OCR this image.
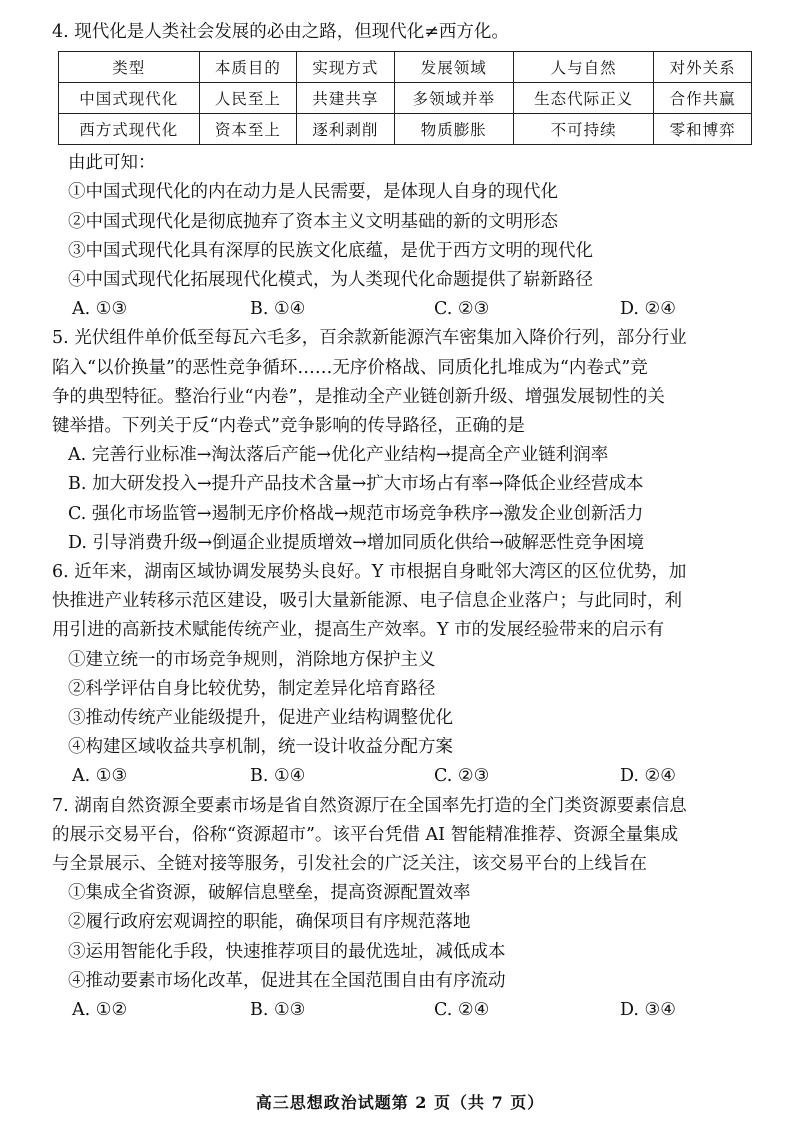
4. 现代化是人类社会发展的必由之路，但现代化≠西方化。
类型	本质目的	实现方式	发展领域	人与自然	对外关系
中国式现代化	人民至上	共建共享	多领域并举	生态代际正义	合作共赢
西方式现代化	资本至上	逐利剥削	物质膨胀	不可持续	零和博弈
由此可知：
①中国式现代化的内在动力是人民需要，是体现人自身的现代化
②中国式现代化是彻底抛弃了资本主义文明基础的新的文明形态
③中国式现代化具有深厚的民族文化底蕴，是优于西方文明的现代化
④中国式现代化拓展现代化模式，为人类现代化命题提供了崭新路径
A. ①③	B. ①④	C. ②③	D. ②④
5. 光伏组件单价低至每瓦六毛多，百余款新能源汽车密集加入降价行列，部分行业
陷入“以价换量”的恶性竞争循环……无序价格战、同质化扎堆成为“内卷式”竞
争的典型特征。整治行业“内卷”，是推动全产业链创新升级、增强发展韧性的关
键举措。下列关于反“内卷式”竞争影响的传导路径，正确的是
A. 完善行业标准→淘汰落后产能→优化产业结构→提高全产业链利润率
B. 加大研发投入→提升产品技术含量→扩大市场占有率→降低企业经营成本
C. 强化市场监管→遏制无序价格战→规范市场竞争秩序→激发企业创新活力
D. 引导消费升级→倒逼企业提质增效→增加同质化供给→破解恶性竞争困境
6. 近年来，湖南区域协调发展势头良好。Y 市根据自身毗邻大湾区的区位优势，加
快推进产业转移示范区建设，吸引大量新能源、电子信息企业落户；与此同时，利
用引进的高新技术赋能传统产业，提高生产效率。Y 市的发展经验带来的启示有
①建立统一的市场竞争规则，消除地方保护主义
②科学评估自身比较优势，制定差异化培育路径
③推动传统产业能级提升，促进产业结构调整优化
④构建区域收益共享机制，统一设计收益分配方案
A. ①③	B. ①④	C. ②③	D. ②④
7. 湖南自然资源全要素市场是省自然资源厅在全国率先打造的全门类资源要素信息
的展示交易平台，俗称“资源超市”。该平台凭借 AI 智能精准推荐、资源全量集成
与全景展示、全链对接等服务，引发社会的广泛关注，该交易平台的上线旨在
①集成全省资源，破解信息壁垒，提高资源配置效率
②履行政府宏观调控的职能，确保项目有序规范落地
③运用智能化手段，快速推荐项目的最优选址，减低成本
④推动要素市场化改革，促进其在全国范围自由有序流动
A. ①②	B. ①③	C. ②④	D. ③④
高三思想政治试题第 2 页（共 7 页）
